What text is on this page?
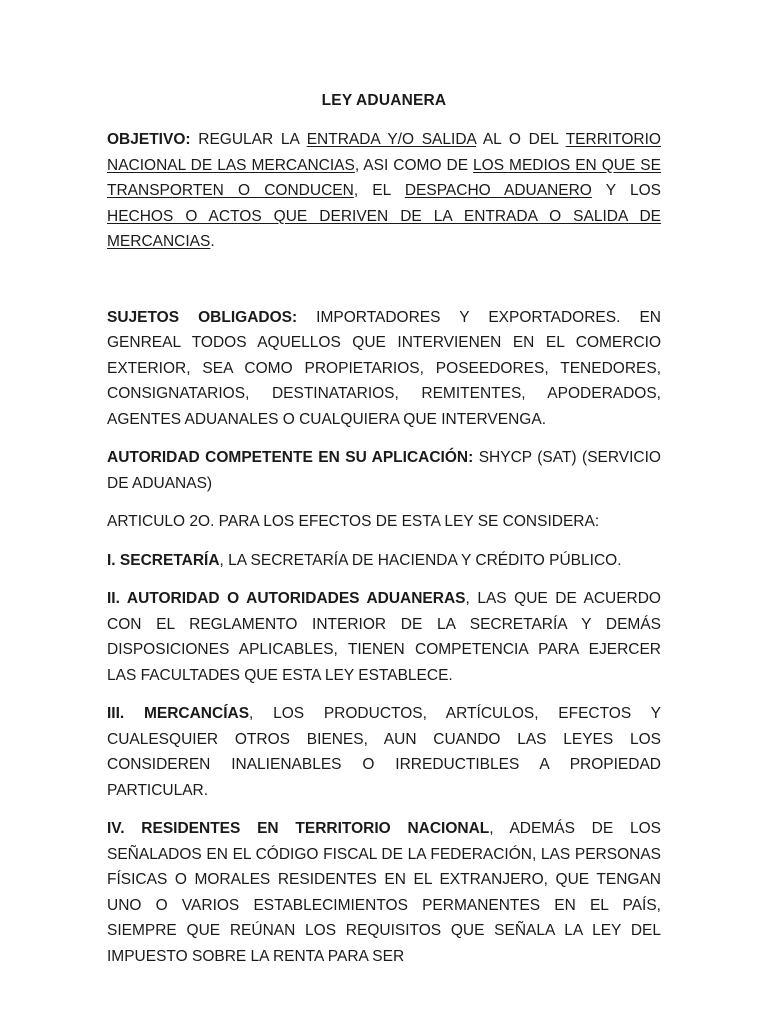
LEY ADUANERA

OBJETIVO: REGULAR LA ENTRADA Y/O SALIDA AL O DEL TERRITORIO NACIONAL DE LAS MERCANCIAS, ASI COMO DE LOS MEDIOS EN QUE SE TRANSPORTEN O CONDUCEN, EL DESPACHO ADUANERO Y LOS HECHOS O ACTOS QUE DERIVEN DE LA ENTRADA O SALIDA DE MERCANCIAS.

SUJETOS OBLIGADOS: IMPORTADORES Y EXPORTADORES. EN GENREAL TODOS AQUELLOS QUE INTERVIENEN EN EL COMERCIO EXTERIOR, SEA COMO PROPIETARIOS, POSEEDORES, TENEDORES, CONSIGNATARIOS, DESTINATARIOS, REMITENTES, APODERADOS, AGENTES ADUANALES O CUALQUIERA QUE INTERVENGA.

AUTORIDAD COMPETENTE EN SU APLICACIÓN: SHYCP (SAT) (SERVICIO DE ADUANAS)

ARTICULO 2O. PARA LOS EFECTOS DE ESTA LEY SE CONSIDERA:

I. SECRETARÍA, LA SECRETARÍA DE HACIENDA Y CRÉDITO PÚBLICO.

II. AUTORIDAD O AUTORIDADES ADUANERAS, LAS QUE DE ACUERDO CON EL REGLAMENTO INTERIOR DE LA SECRETARÍA Y DEMÁS DISPOSICIONES APLICABLES, TIENEN COMPETENCIA PARA EJERCER LAS FACULTADES QUE ESTA LEY ESTABLECE.

III. MERCANCÍAS, LOS PRODUCTOS, ARTÍCULOS, EFECTOS Y CUALESQUIER OTROS BIENES, AUN CUANDO LAS LEYES LOS CONSIDEREN INALIENABLES O IRREDUCTIBLES A PROPIEDAD PARTICULAR.

IV. RESIDENTES EN TERRITORIO NACIONAL, ADEMÁS DE LOS SEÑALADOS EN EL CÓDIGO FISCAL DE LA FEDERACIÓN, LAS PERSONAS FÍSICAS O MORALES RESIDENTES EN EL EXTRANJERO, QUE TENGAN UNO O VARIOS ESTABLECIMIENTOS PERMANENTES EN EL PAÍS, SIEMPRE QUE REÚNAN LOS REQUISITOS QUE SEÑALA LA LEY DEL IMPUESTO SOBRE LA RENTA PARA SER
